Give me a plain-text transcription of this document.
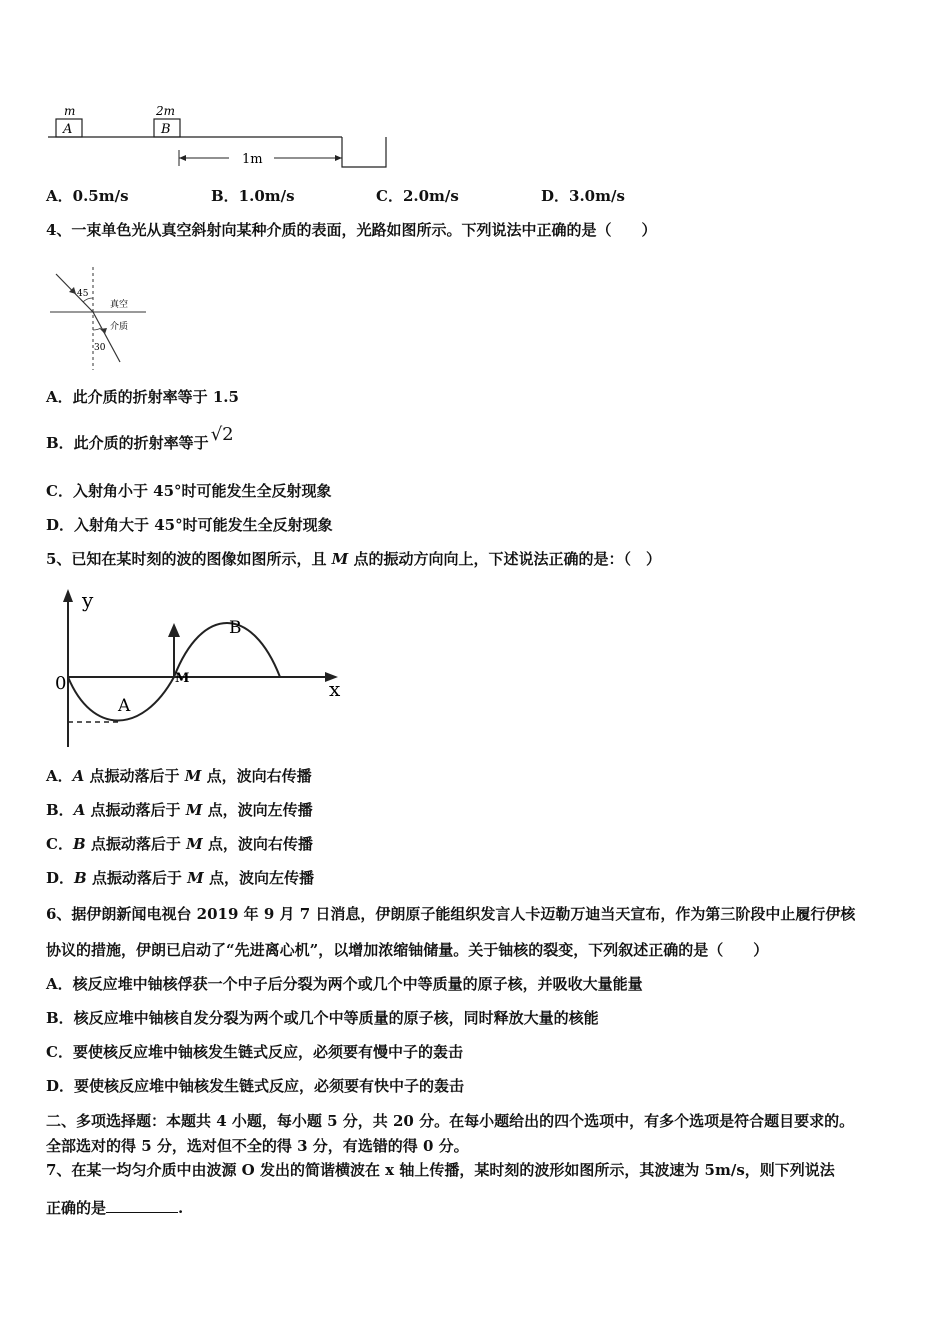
m
A
2m
B
1m
A．0.5m/s	B．1.0m/s	C．2.0m/s	D．3.0m/s
4、一束单色光从真空斜射向某种介质的表面，光路如图所示。下列说法中正确的是（　　）
45
真空
介质
30
A．此介质的折射率等于 1.5
B．此介质的折射率等于 √2
C．入射角小于 45°时可能发生全反射现象
D．入射角大于 45°时可能发生全反射现象
5、已知在某时刻的波的图像如图所示，且 M 点的振动方向向上，下述说法正确的是：（　）
y
0	x
A
B
M
A．A 点振动落后于 M 点，波向右传播
B．A 点振动落后于 M 点，波向左传播
C．B 点振动落后于 M 点，波向右传播
D．B 点振动落后于 M 点，波向左传播
6、据伊朗新闻电视台 2019 年 9 月 7 日消息，伊朗原子能组织发言人卡迈勒万迪当天宣布，作为第三阶段中止履行伊核
协议的措施，伊朗已启动了“先进离心机”，以增加浓缩铀储量。关于铀核的裂变，下列叙述正确的是（　　）
A．核反应堆中铀核俘获一个中子后分裂为两个或几个中等质量的原子核，并吸收大量能量
B．核反应堆中铀核自发分裂为两个或几个中等质量的原子核，同时释放大量的核能
C．要使核反应堆中铀核发生链式反应，必须要有慢中子的轰击
D．要使核反应堆中铀核发生链式反应，必须要有快中子的轰击
二、多项选择题：本题共 4 小题，每小题 5 分，共 20 分。在每小题给出的四个选项中，有多个选项是符合题目要求的。
全部选对的得 5 分，选对但不全的得 3 分，有选错的得 0 分。
7、在某一均匀介质中由波源 O 发出的简谐横波在 x 轴上传播，某时刻的波形如图所示，其波速为 5m/s，则下列说法
正确的是	.
